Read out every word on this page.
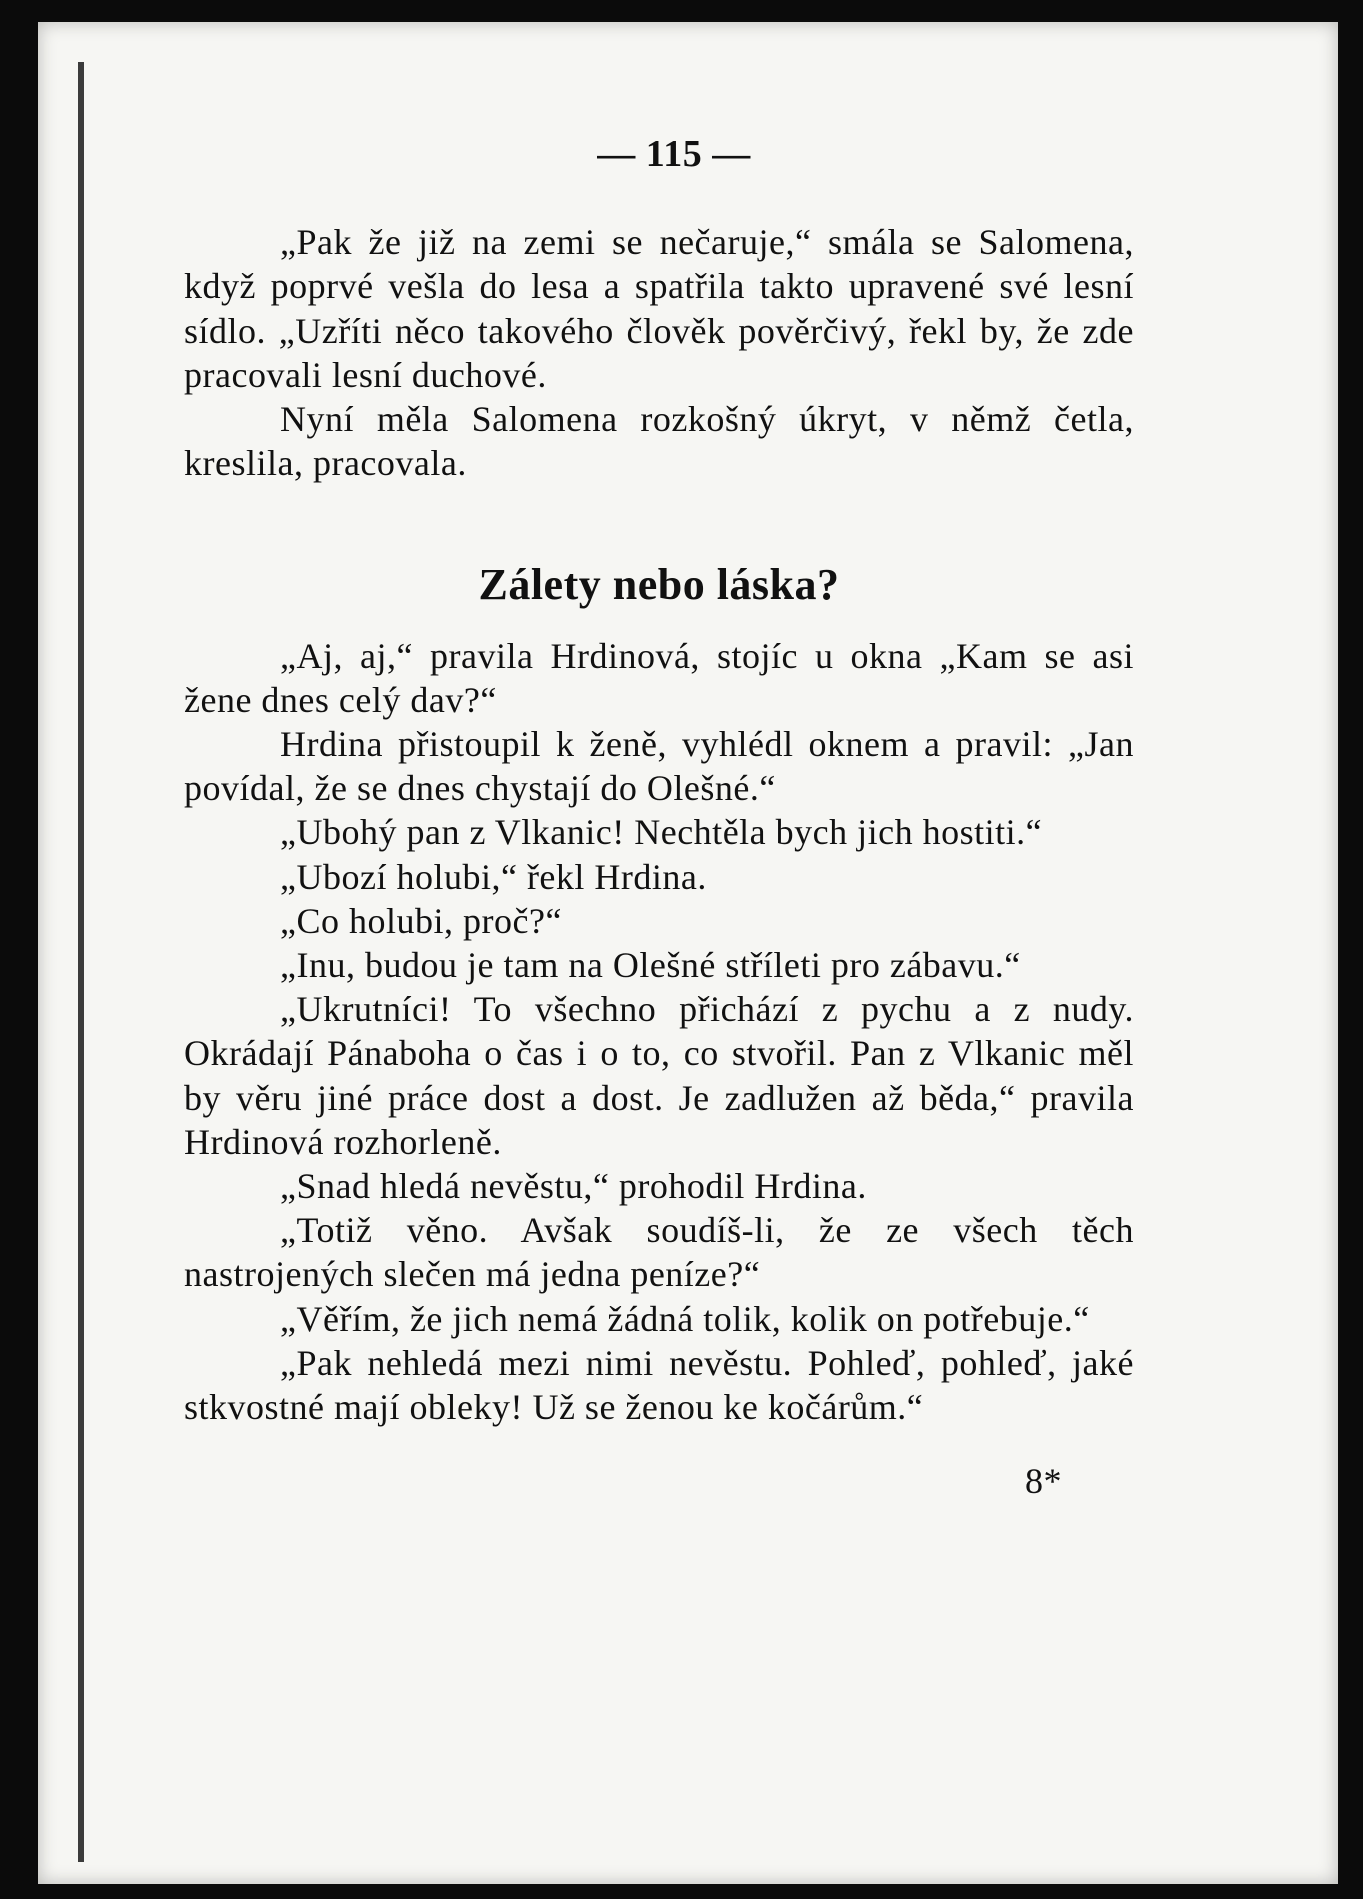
— 115 —

„Pak že již na zemi se nečaruje,“ smála se Salomena, když poprvé vešla do lesa a spatřila takto upravené své lesní sídlo. „Uzříti něco takového člověk pověrčivý, řekl by, že zde pracovali lesní duchové.

Nyní měla Salomena rozkošný úkryt, v němž četla, kreslila, pracovala.

Zálety nebo láska?

„Aj, aj,“ pravila Hrdinová, stojíc u okna „Kam se asi žene dnes celý dav?“

Hrdina přistoupil k ženě, vyhlédl oknem a pravil: „Jan povídal, že se dnes chystají do Olešné.“

„Ubohý pan z Vlkanic! Nechtěla bych jich hostiti.“

„Ubozí holubi,“ řekl Hrdina.

„Co holubi, proč?“

„Inu, budou je tam na Olešné stříleti pro zábavu.“

„Ukrutníci! To všechno přichází z pychu a z nudy. Okrádají Pánaboha o čas i o to, co stvořil. Pan z Vlkanic měl by věru jiné práce dost a dost. Je zadlužen až běda,“ pravila Hrdinová rozhorleně.

„Snad hledá nevěstu,“ prohodil Hrdina.

„Totiž věno. Avšak soudíš-li, že ze všech těch nastrojených slečen má jedna peníze?“

„Věřím, že jich nemá žádná tolik, kolik on potřebuje.“

„Pak nehledá mezi nimi nevěstu. Pohleď, pohleď, jaké stkvostné mají obleky! Už se ženou ke kočárům.“

8*
